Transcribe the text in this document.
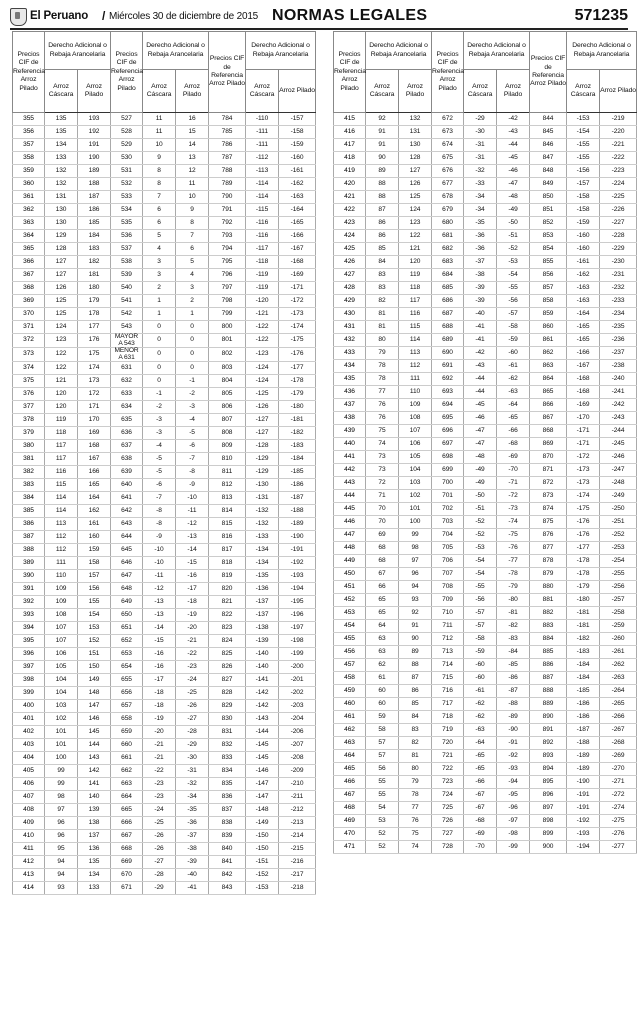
El Peruano / Miércoles 30 de diciembre de 2015 NORMAS LEGALES	571235
Precios CIF de Referencia Arroz Pilado	Derecho Adicional o Rebaja Arancelaria		Precios CIF de Referencia Arroz Pilado	Derecho Adicional o Rebaja Arancelaria		Precios CIF de Referencia Arroz Pilado	Derecho Adicional o Rebaja Arancelaria	
	Arroz Cáscara	Arroz Pilado		Arroz Cáscara	Arroz Pilado		Arroz Cáscara	Arroz Pilado
355	135	193	527	11	16	784	-110	-157
356	135	192	528	11	15	785	-111	-158
357	134	191	529	10	14	786	-111	-159
358	133	190	530	9	13	787	-112	-160
359	132	189	531	8	12	788	-113	-161
360	132	188	532	8	11	789	-114	-162
361	131	187	533	7	10	790	-114	-163
362	130	186	534	6	9	791	-115	-164
363	130	185	535	6	8	792	-116	-165
364	129	184	536	5	7	793	-116	-166
365	128	183	537	4	6	794	-117	-167
366	127	182	538	3	5	795	-118	-168
367	127	181	539	3	4	796	-119	-169
368	126	180	540	2	3	797	-119	-171
369	125	179	541	1	2	798	-120	-172
370	125	178	542	1	1	799	-121	-173
371	124	177	543	0	0	800	-122	-174
372	123	176	MAYOR
A 543	0	0	801	-122	-175
373	122	175	MENOR
A 631	0	0	802	-123	-176
374	122	174	631	0	0	803	-124	-177
375	121	173	632	0	-1	804	-124	-178
376	120	172	633	-1	-2	805	-125	-179
377	120	171	634	-2	-3	806	-126	-180
378	119	170	635	-3	-4	807	-127	-181
379	118	169	636	-3	-5	808	-127	-182
380	117	168	637	-4	-6	809	-128	-183
381	117	167	638	-5	-7	810	-129	-184
382	116	166	639	-5	-8	811	-129	-185
383	115	165	640	-6	-9	812	-130	-186
384	114	164	641	-7	-10	813	-131	-187
385	114	162	642	-8	-11	814	-132	-188
386	113	161	643	-8	-12	815	-132	-189
387	112	160	644	-9	-13	816	-133	-190
388	112	159	645	-10	-14	817	-134	-191
389	111	158	646	-10	-15	818	-134	-192
390	110	157	647	-11	-16	819	-135	-193
391	109	156	648	-12	-17	820	-136	-194
392	109	155	649	-13	-18	821	-137	-195
393	108	154	650	-13	-19	822	-137	-196
394	107	153	651	-14	-20	823	-138	-197
395	107	152	652	-15	-21	824	-139	-198
396	106	151	653	-16	-22	825	-140	-199
397	105	150	654	-16	-23	826	-140	-200
398	104	149	655	-17	-24	827	-141	-201
399	104	148	656	-18	-25	828	-142	-202
400	103	147	657	-18	-26	829	-142	-203
401	102	146	658	-19	-27	830	-143	-204
402	101	145	659	-20	-28	831	-144	-206
403	101	144	660	-21	-29	832	-145	-207
404	100	143	661	-21	-30	833	-145	-208
405	99	142	662	-22	-31	834	-146	-209
406	99	141	663	-23	-32	835	-147	-210
407	98	140	664	-23	-34	836	-147	-211
408	97	139	665	-24	-35	837	-148	-212
409	96	138	666	-25	-36	838	-149	-213
410	96	137	667	-26	-37	839	-150	-214
411	95	136	668	-26	-38	840	-150	-215
412	94	135	669	-27	-39	841	-151	-216
413	94	134	670	-28	-40	842	-152	-217
414	93	133	671	-29	-41	843	-153	-218
Precios CIF de Referencia Arroz Pilado	Derecho Adicional o Rebaja Arancelaria		Precios CIF de Referencia Arroz Pilado	Derecho Adicional o Rebaja Arancelaria		Precios CIF de Referencia Arroz Pilado	Derecho Adicional o Rebaja Arancelaria	
	Arroz Cáscara	Arroz Pilado		Arroz Cáscara	Arroz Pilado		Arroz Cáscara	Arroz Pilado
415	92	132	672	-29	-42	844	-153	-219
416	91	131	673	-30	-43	845	-154	-220
417	91	130	674	-31	-44	846	-155	-221
418	90	128	675	-31	-45	847	-155	-222
419	89	127	676	-32	-46	848	-156	-223
420	88	126	677	-33	-47	849	-157	-224
421	88	125	678	-34	-48	850	-158	-225
422	87	124	679	-34	-49	851	-158	-226
423	86	123	680	-35	-50	852	-159	-227
424	86	122	681	-36	-51	853	-160	-228
425	85	121	682	-36	-52	854	-160	-229
426	84	120	683	-37	-53	855	-161	-230
427	83	119	684	-38	-54	856	-162	-231
428	83	118	685	-39	-55	857	-163	-232
429	82	117	686	-39	-56	858	-163	-233
430	81	116	687	-40	-57	859	-164	-234
431	81	115	688	-41	-58	860	-165	-235
432	80	114	689	-41	-59	861	-165	-236
433	79	113	690	-42	-60	862	-166	-237
434	78	112	691	-43	-61	863	-167	-238
435	78	111	692	-44	-62	864	-168	-240
436	77	110	693	-44	-63	865	-168	-241
437	76	109	694	-45	-64	866	-169	-242
438	76	108	695	-46	-65	867	-170	-243
439	75	107	696	-47	-66	868	-171	-244
440	74	106	697	-47	-68	869	-171	-245
441	73	105	698	-48	-69	870	-172	-246
442	73	104	699	-49	-70	871	-173	-247
443	72	103	700	-49	-71	872	-173	-248
444	71	102	701	-50	-72	873	-174	-249
445	70	101	702	-51	-73	874	-175	-250
446	70	100	703	-52	-74	875	-176	-251
447	69	99	704	-52	-75	876	-176	-252
448	68	98	705	-53	-76	877	-177	-253
449	68	97	706	-54	-77	878	-178	-254
450	67	96	707	-54	-78	879	-178	-255
451	66	94	708	-55	-79	880	-179	-256
452	65	93	709	-56	-80	881	-180	-257
453	65	92	710	-57	-81	882	-181	-258
454	64	91	711	-57	-82	883	-181	-259
455	63	90	712	-58	-83	884	-182	-260
456	63	89	713	-59	-84	885	-183	-261
457	62	88	714	-60	-85	886	-184	-262
458	61	87	715	-60	-86	887	-184	-263
459	60	86	716	-61	-87	888	-185	-264
460	60	85	717	-62	-88	889	-186	-265
461	59	84	718	-62	-89	890	-186	-266
462	58	83	719	-63	-90	891	-187	-267
463	57	82	720	-64	-91	892	-188	-268
464	57	81	721	-65	-92	893	-189	-269
465	56	80	722	-65	-93	894	-189	-270
466	55	79	723	-66	-94	895	-190	-271
467	55	78	724	-67	-95	896	-191	-272
468	54	77	725	-67	-96	897	-191	-274
469	53	76	726	-68	-97	898	-192	-275
470	52	75	727	-69	-98	899	-193	-276
471	52	74	728	-70	-99	900	-194	-277
